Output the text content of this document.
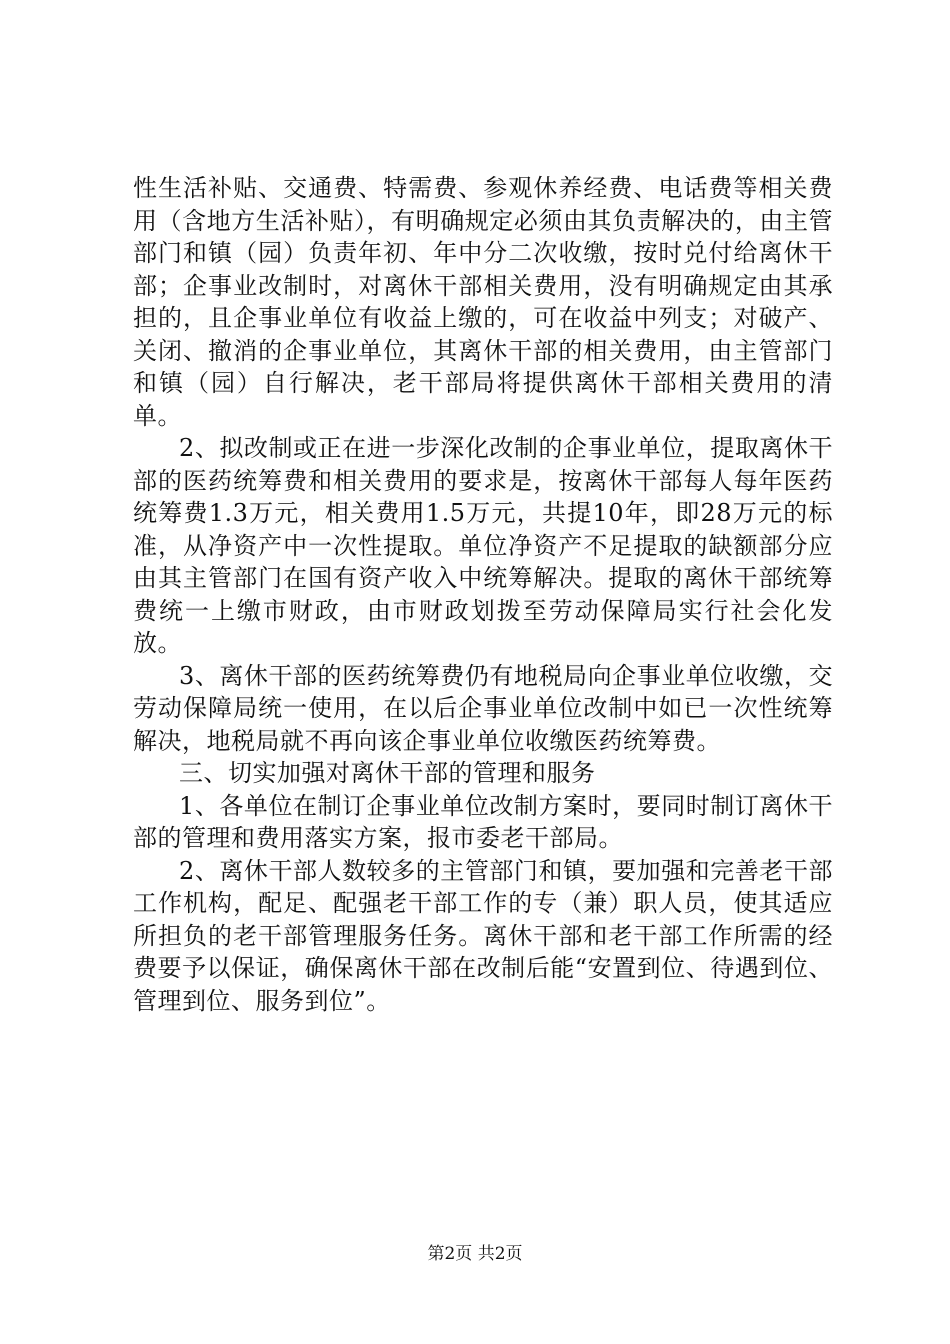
性生活补贴、交通费、特需费、参观休养经费、电话费等相关费用（含地方生活补贴），有明确规定必须由其负责解决的，由主管部门和镇（园）负责年初、年中分二次收缴，按时兑付给离休干部；企事业改制时，对离休干部相关费用，没有明确规定由其承担的，且企事业单位有收益上缴的，可在收益中列支；对破产、关闭、撤消的企事业单位，其离休干部的相关费用，由主管部门和镇（园）自行解决，老干部局将提供离休干部相关费用的清单。

2、拟改制或正在进一步深化改制的企事业单位，提取离休干部的医药统筹费和相关费用的要求是，按离休干部每人每年医药统筹费1.3万元，相关费用1.5万元，共提10年，即28万元的标准，从净资产中一次性提取。单位净资产不足提取的缺额部分应由其主管部门在国有资产收入中统筹解决。提取的离休干部统筹费统一上缴市财政，由市财政划拨至劳动保障局实行社会化发放。

3、离休干部的医药统筹费仍有地税局向企事业单位收缴，交劳动保障局统一使用，在以后企事业单位改制中如已一次性统筹解决，地税局就不再向该企事业单位收缴医药统筹费。

三、切实加强对离休干部的管理和服务

1、各单位在制订企事业单位改制方案时，要同时制订离休干部的管理和费用落实方案，报市委老干部局。

2、离休干部人数较多的主管部门和镇，要加强和完善老干部工作机构，配足、配强老干部工作的专（兼）职人员，使其适应所担负的老干部管理服务任务。离休干部和老干部工作所需的经费要予以保证，确保离休干部在改制后能“安置到位、待遇到位、管理到位、服务到位”。

第2页 共2页
